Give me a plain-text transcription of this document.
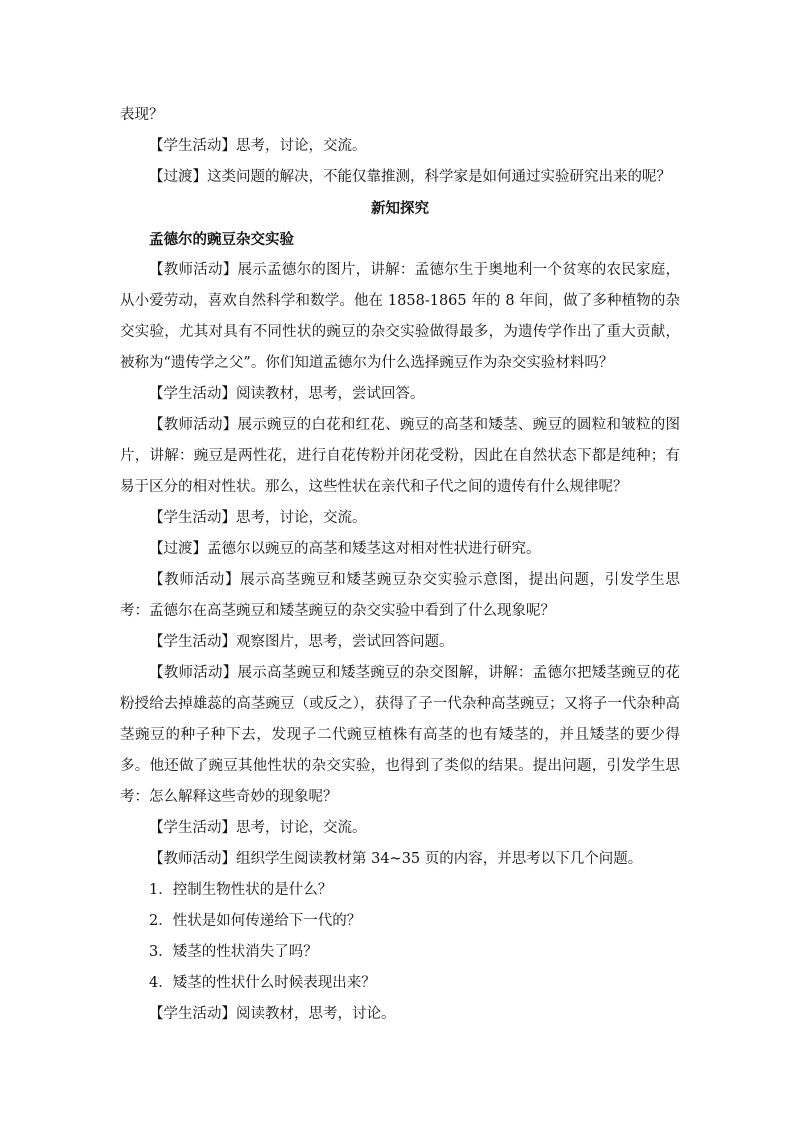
表现？

【学生活动】思考，讨论，交流。

【过渡】这类问题的解决，不能仅靠推测，科学家是如何通过实验研究出来的呢？

新知探究

孟德尔的豌豆杂交实验

【教师活动】展示孟德尔的图片，讲解：孟德尔生于奥地利一个贫寒的农民家庭，从小爱劳动，喜欢自然科学和数学。他在 1858-1865 年的 8 年间，做了多种植物的杂交实验，尤其对具有不同性状的豌豆的杂交实验做得最多，为遗传学作出了重大贡献，被称为“遗传学之父”。你们知道孟德尔为什么选择豌豆作为杂交实验材料吗？

【学生活动】阅读教材，思考，尝试回答。

【教师活动】展示豌豆的白花和红花、豌豆的高茎和矮茎、豌豆的圆粒和皱粒的图片，讲解：豌豆是两性花，进行自花传粉并闭花受粉，因此在自然状态下都是纯种；有易于区分的相对性状。那么，这些性状在亲代和子代之间的遗传有什么规律呢？

【学生活动】思考，讨论，交流。

【过渡】孟德尔以豌豆的高茎和矮茎这对相对性状进行研究。

【教师活动】展示高茎豌豆和矮茎豌豆杂交实验示意图，提出问题，引发学生思考：孟德尔在高茎豌豆和矮茎豌豆的杂交实验中看到了什么现象呢？

【学生活动】观察图片，思考，尝试回答问题。

【教师活动】展示高茎豌豆和矮茎豌豆的杂交图解，讲解：孟德尔把矮茎豌豆的花粉授给去掉雄蕊的高茎豌豆（或反之），获得了子一代杂种高茎豌豆；又将子一代杂种高茎豌豆的种子种下去，发现子二代豌豆植株有高茎的也有矮茎的，并且矮茎的要少得多。他还做了豌豆其他性状的杂交实验，也得到了类似的结果。提出问题，引发学生思考：怎么解释这些奇妙的现象呢？

【学生活动】思考，讨论，交流。

【教师活动】组织学生阅读教材第 34~35 页的内容，并思考以下几个问题。

1．控制生物性状的是什么？

2．性状是如何传递给下一代的？

3．矮茎的性状消失了吗？

4．矮茎的性状什么时候表现出来？

【学生活动】阅读教材，思考，讨论。
